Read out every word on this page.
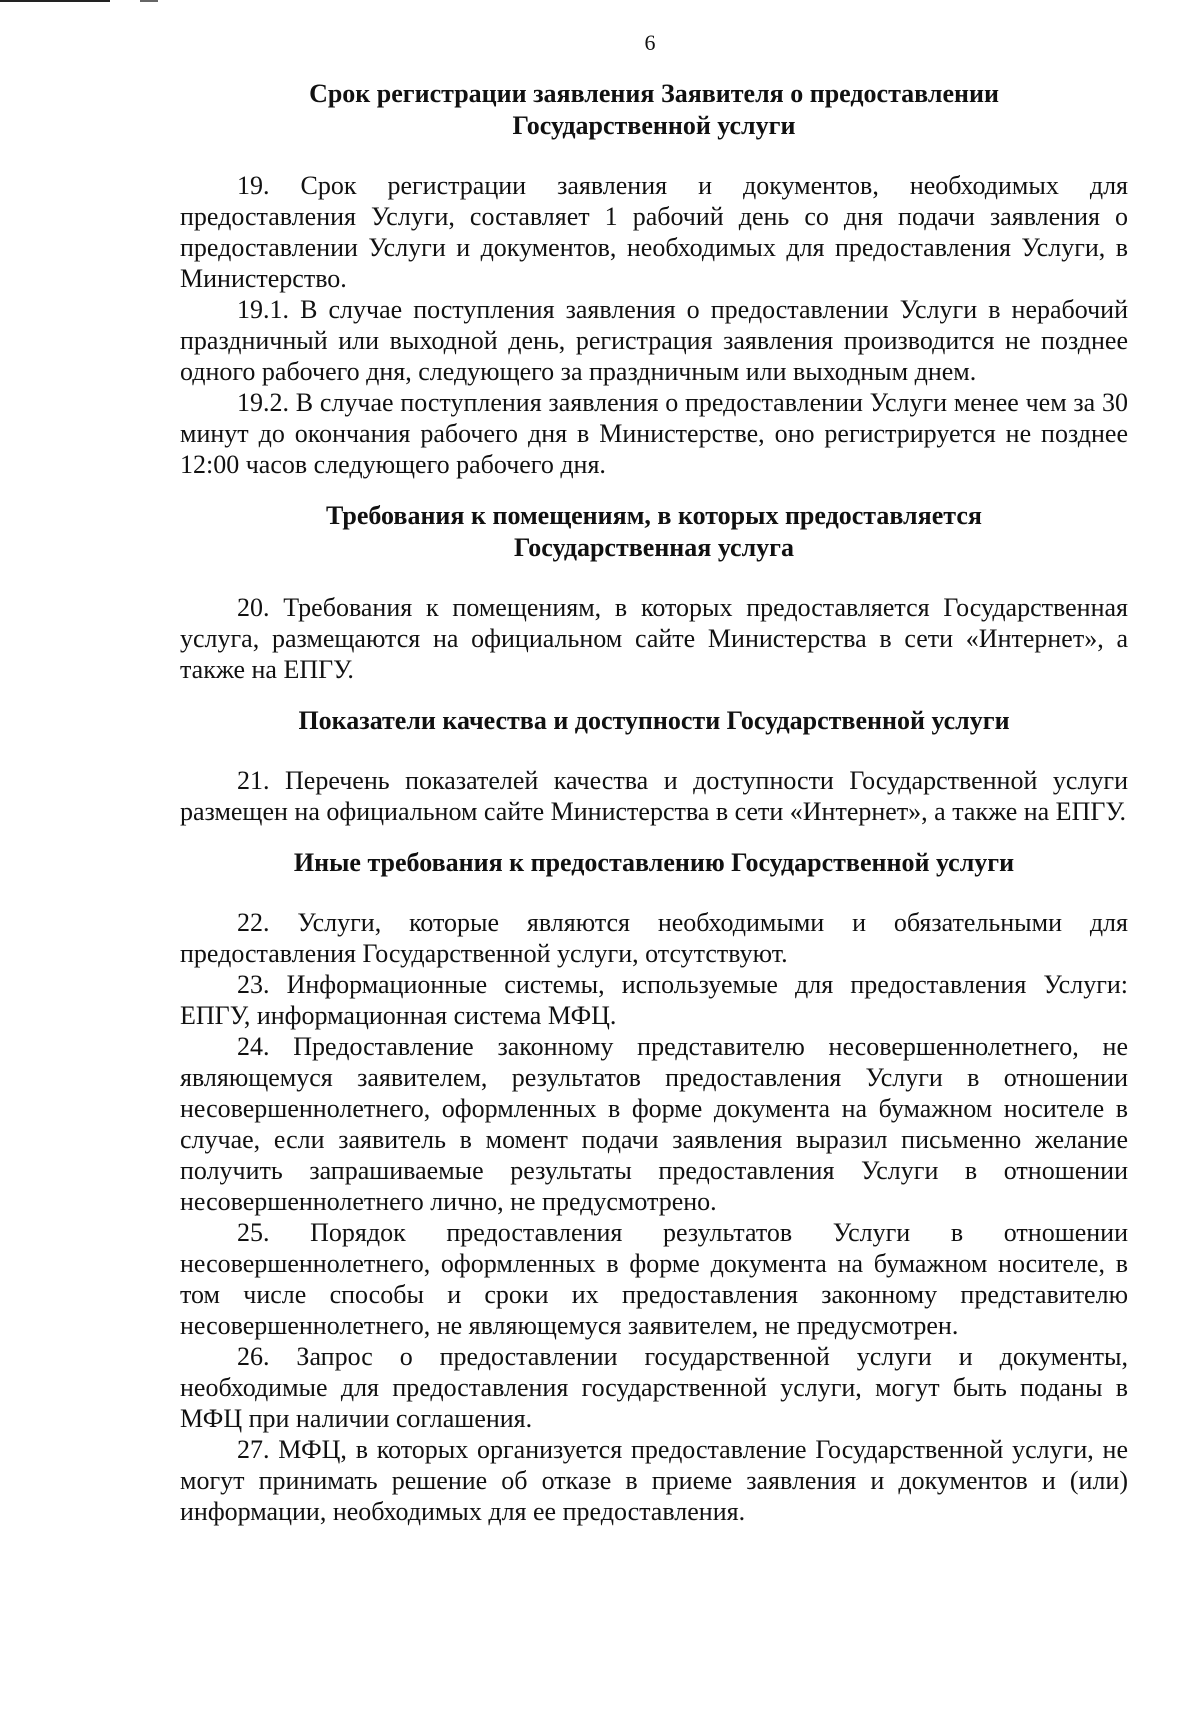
6
Срок регистрации заявления Заявителя о предоставлении
Государственной услуги

19. Срок регистрации заявления и документов, необходимых для предоставления Услуги, составляет 1 рабочий день со дня подачи заявления о предоставлении Услуги и документов, необходимых для предоставления Услуги, в Министерство.

19.1. В случае поступления заявления о предоставлении Услуги в нерабочий праздничный или выходной день, регистрация заявления производится не позднее одного рабочего дня, следующего за праздничным или выходным днем.

19.2. В случае поступления заявления о предоставлении Услуги менее чем за 30 минут до окончания рабочего дня в Министерстве, оно регистрируется не позднее 12:00 часов следующего рабочего дня.

Требования к помещениям, в которых предоставляется
Государственная услуга

20. Требования к помещениям, в которых предоставляется Государственная услуга, размещаются на официальном сайте Министерства в сети «Интернет», а также на ЕПГУ.

Показатели качества и доступности Государственной услуги

21. Перечень показателей качества и доступности Государственной услуги размещен на официальном сайте Министерства в сети «Интернет», а также на ЕПГУ.

Иные требования к предоставлению Государственной услуги

22. Услуги, которые являются необходимыми и обязательными для предоставления Государственной услуги, отсутствуют.

23. Информационные системы, используемые для предоставления Услуги: ЕПГУ, информационная система МФЦ.

24. Предоставление законному представителю несовершеннолетнего, не являющемуся заявителем, результатов предоставления Услуги в отношении несовершеннолетнего, оформленных в форме документа на бумажном носителе в случае, если заявитель в момент подачи заявления выразил письменно желание получить запрашиваемые результаты предоставления Услуги в отношении несовершеннолетнего лично, не предусмотрено.

25. Порядок предоставления результатов Услуги в отношении несовершеннолетнего, оформленных в форме документа на бумажном носителе, в том числе способы и сроки их предоставления законному представителю несовершеннолетнего, не являющемуся заявителем, не предусмотрен.

26. Запрос о предоставлении государственной услуги и документы, необходимые для предоставления государственной услуги, могут быть поданы в МФЦ при наличии соглашения.

27. МФЦ, в которых организуется предоставление Государственной услуги, не могут принимать решение об отказе в приеме заявления и документов и (или) информации, необходимых для ее предоставления.
